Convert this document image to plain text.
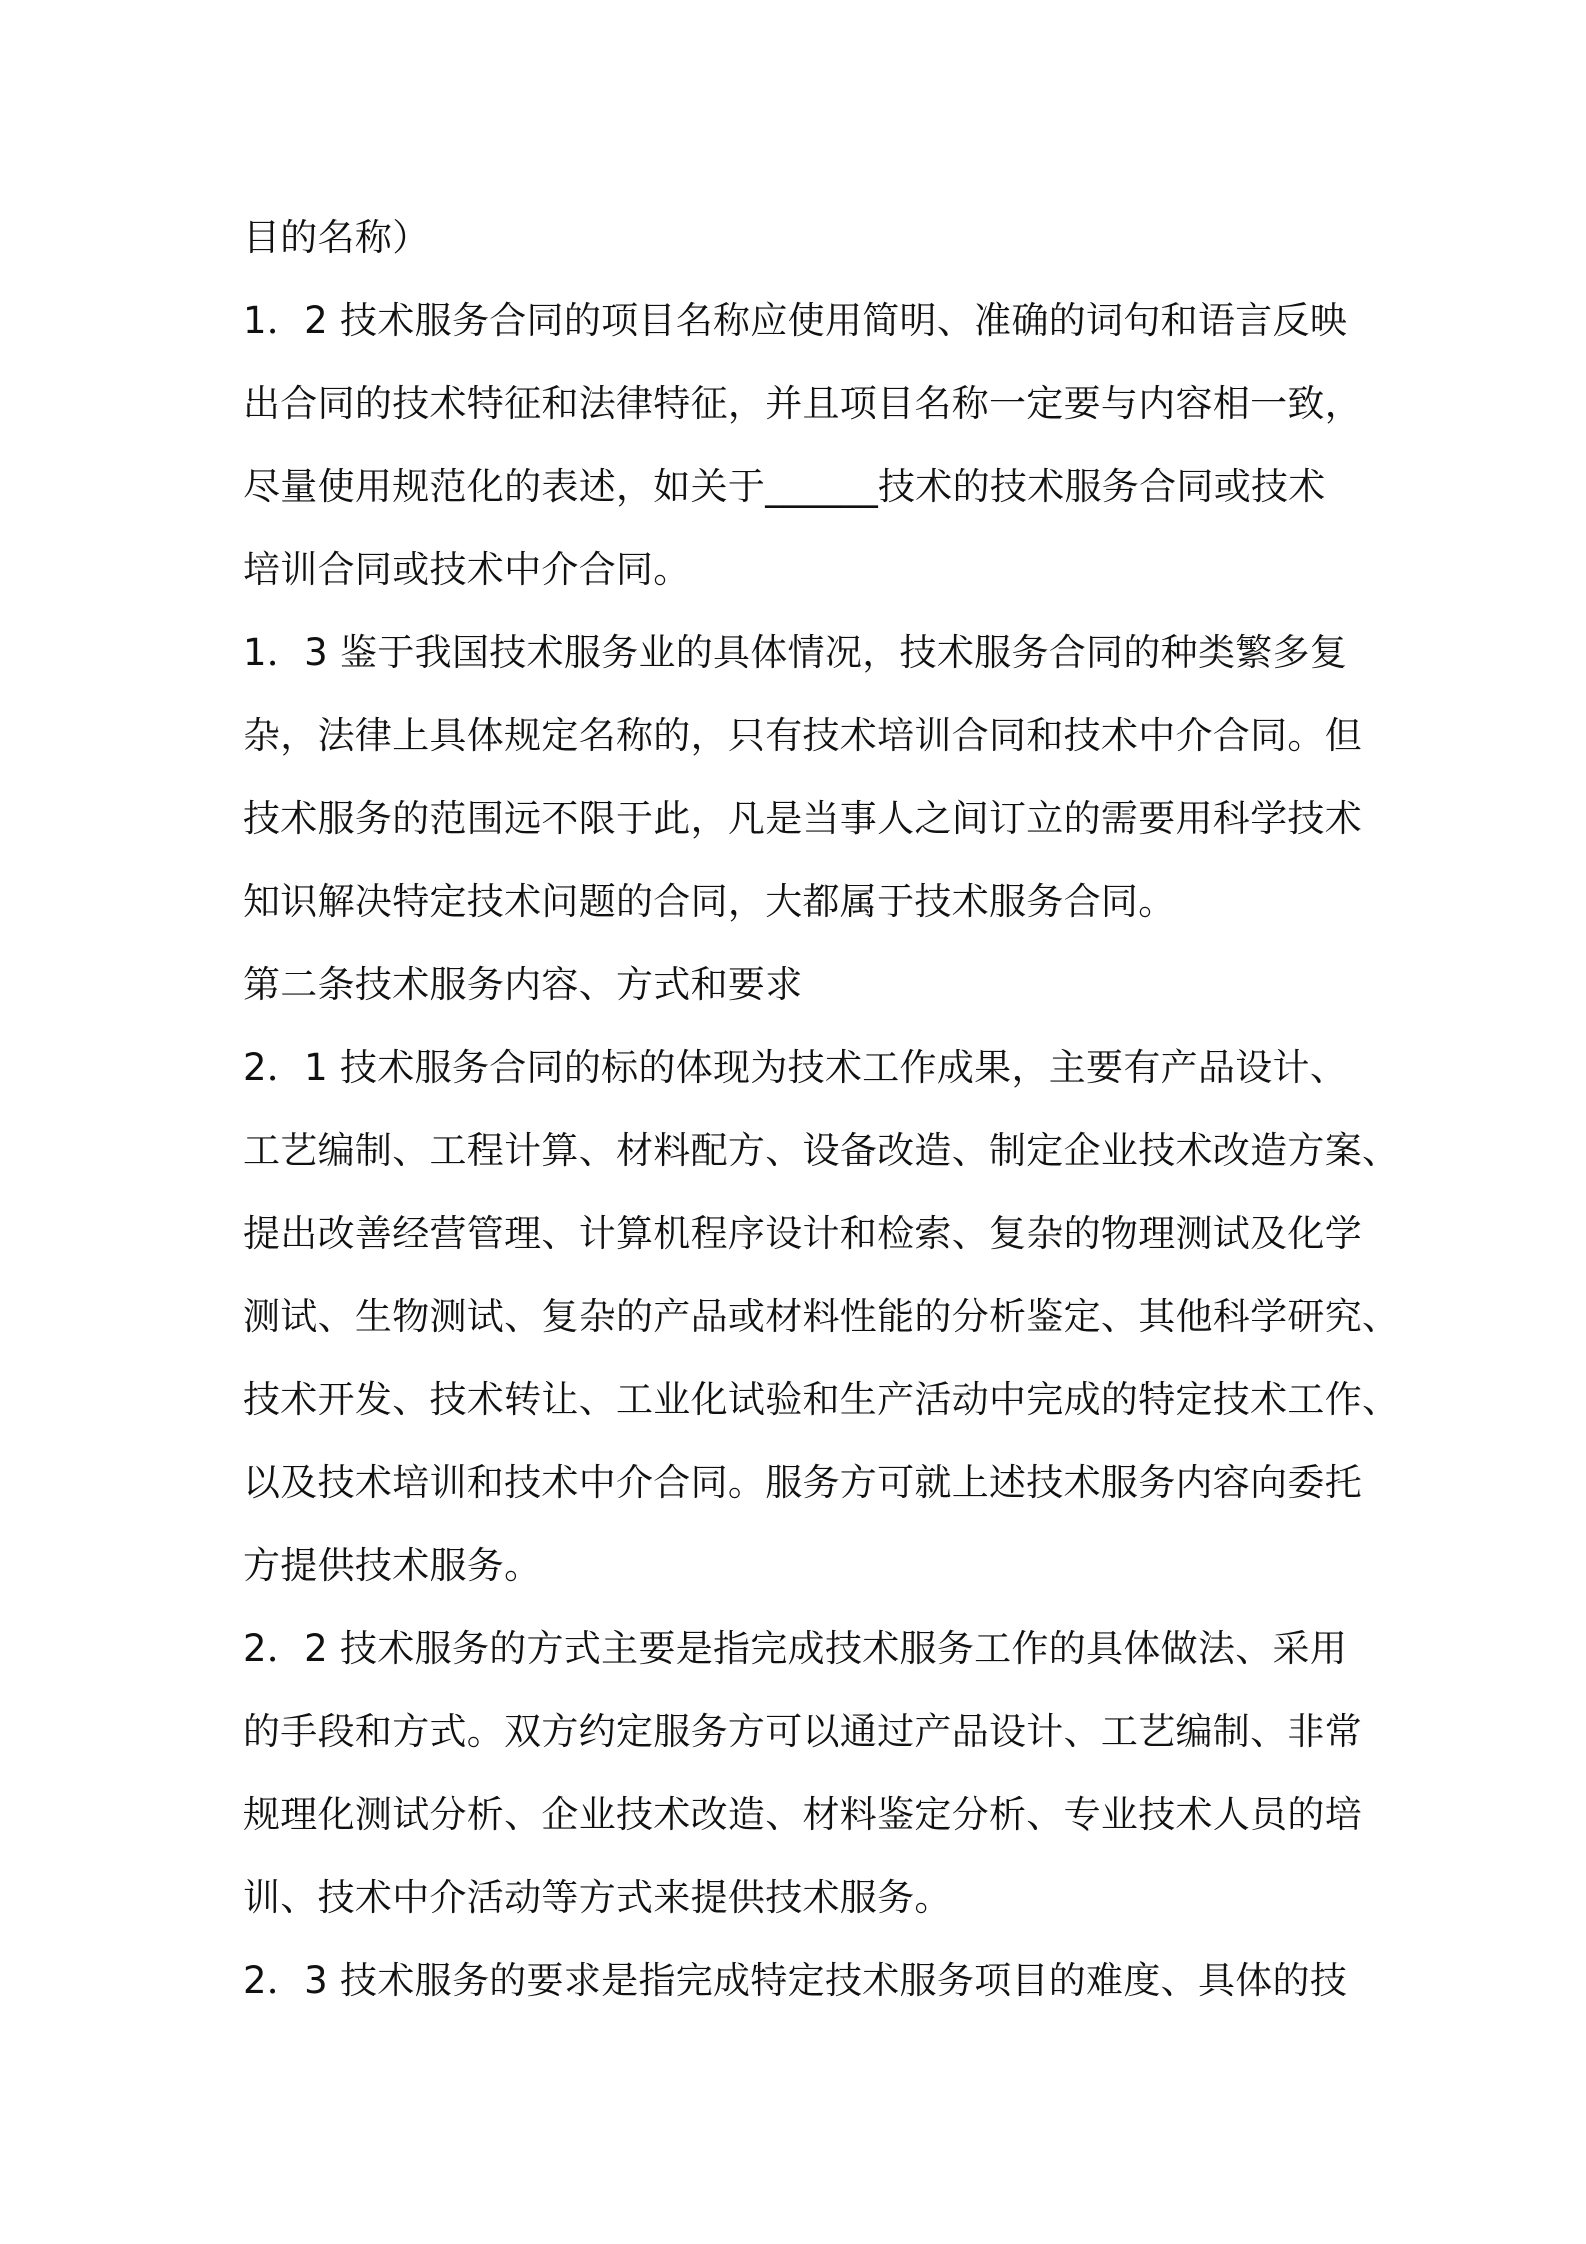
目的名称）

1．2 技术服务合同的项目名称应使用简明、准确的词句和语言反映

出合同的技术特征和法律特征，并且项目名称一定要与内容相一致，

尽量使用规范化的表述，如关于______技术的技术服务合同或技术

培训合同或技术中介合同。

1．3 鉴于我国技术服务业的具体情况，技术服务合同的种类繁多复

杂，法律上具体规定名称的，只有技术培训合同和技术中介合同。但

技术服务的范围远不限于此，凡是当事人之间订立的需要用科学技术

知识解决特定技术问题的合同，大都属于技术服务合同。

第二条技术服务内容、方式和要求

2．1 技术服务合同的标的体现为技术工作成果，主要有产品设计、

工艺编制、工程计算、材料配方、设备改造、制定企业技术改造方案、

提出改善经营管理、计算机程序设计和检索、复杂的物理测试及化学

测试、生物测试、复杂的产品或材料性能的分析鉴定、其他科学研究、

技术开发、技术转让、工业化试验和生产活动中完成的特定技术工作、

以及技术培训和技术中介合同。服务方可就上述技术服务内容向委托

方提供技术服务。

2．2 技术服务的方式主要是指完成技术服务工作的具体做法、采用

的手段和方式。双方约定服务方可以通过产品设计、工艺编制、非常

规理化测试分析、企业技术改造、材料鉴定分析、专业技术人员的培

训、技术中介活动等方式来提供技术服务。

2．3 技术服务的要求是指完成特定技术服务项目的难度、具体的技
